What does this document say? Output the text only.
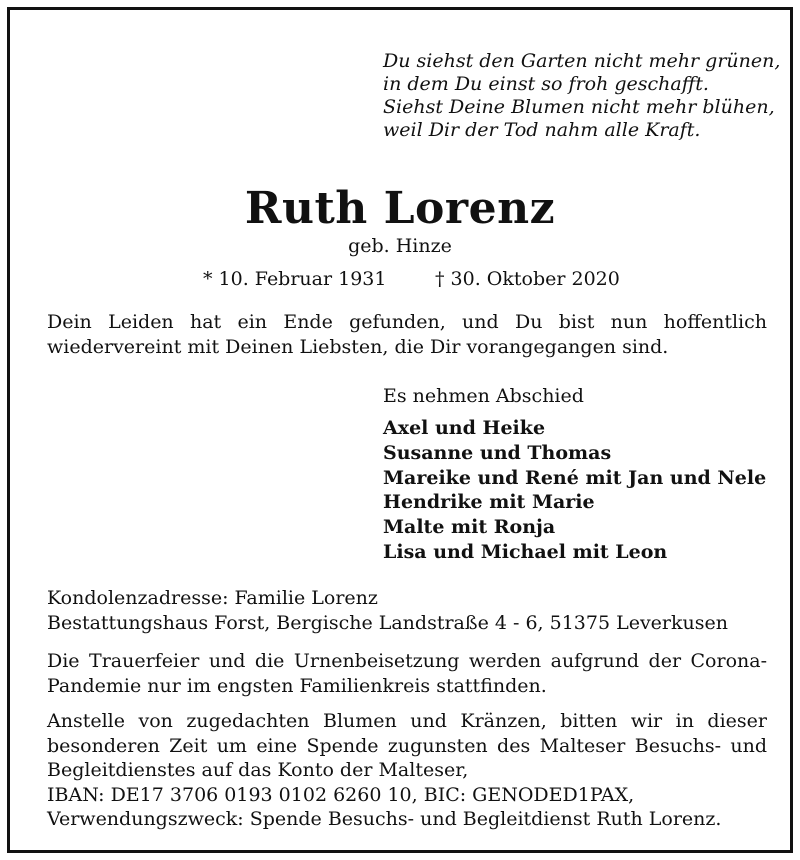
Du siehst den Garten nicht mehr grünen,
in dem Du einst so froh geschafft.
Siehst Deine Blumen nicht mehr blühen,
weil Dir der Tod nahm alle Kraft.
Ruth Lorenz
geb. Hinze
* 10. Februar 1931	† 30. Oktober 2020
Dein Leiden hat ein Ende gefunden, und Du bist nun hoffentlich
wiedervereint mit Deinen Liebsten, die Dir vorangegangen sind.
Es nehmen Abschied
Axel und Heike
Susanne und Thomas
Mareike und René mit Jan und Nele
Hendrike mit Marie
Malte mit Ronja
Lisa und Michael mit Leon
Kondolenzadresse: Familie Lorenz
Bestattungshaus Forst, Bergische Landstraße 4 - 6, 51375 Leverkusen
Die Trauerfeier und die Urnenbeisetzung werden aufgrund der Corona-
Pandemie nur im engsten Familienkreis stattfinden.
Anstelle von zugedachten Blumen und Kränzen, bitten wir in dieser
besonderen Zeit um eine Spende zugunsten des Malteser Besuchs- und
Begleitdienstes auf das Konto der Malteser,
IBAN: DE17 3706 0193 0102 6260 10, BIC: GENODED1PAX,
Verwendungszweck: Spende Besuchs- und Begleitdienst Ruth Lorenz.
